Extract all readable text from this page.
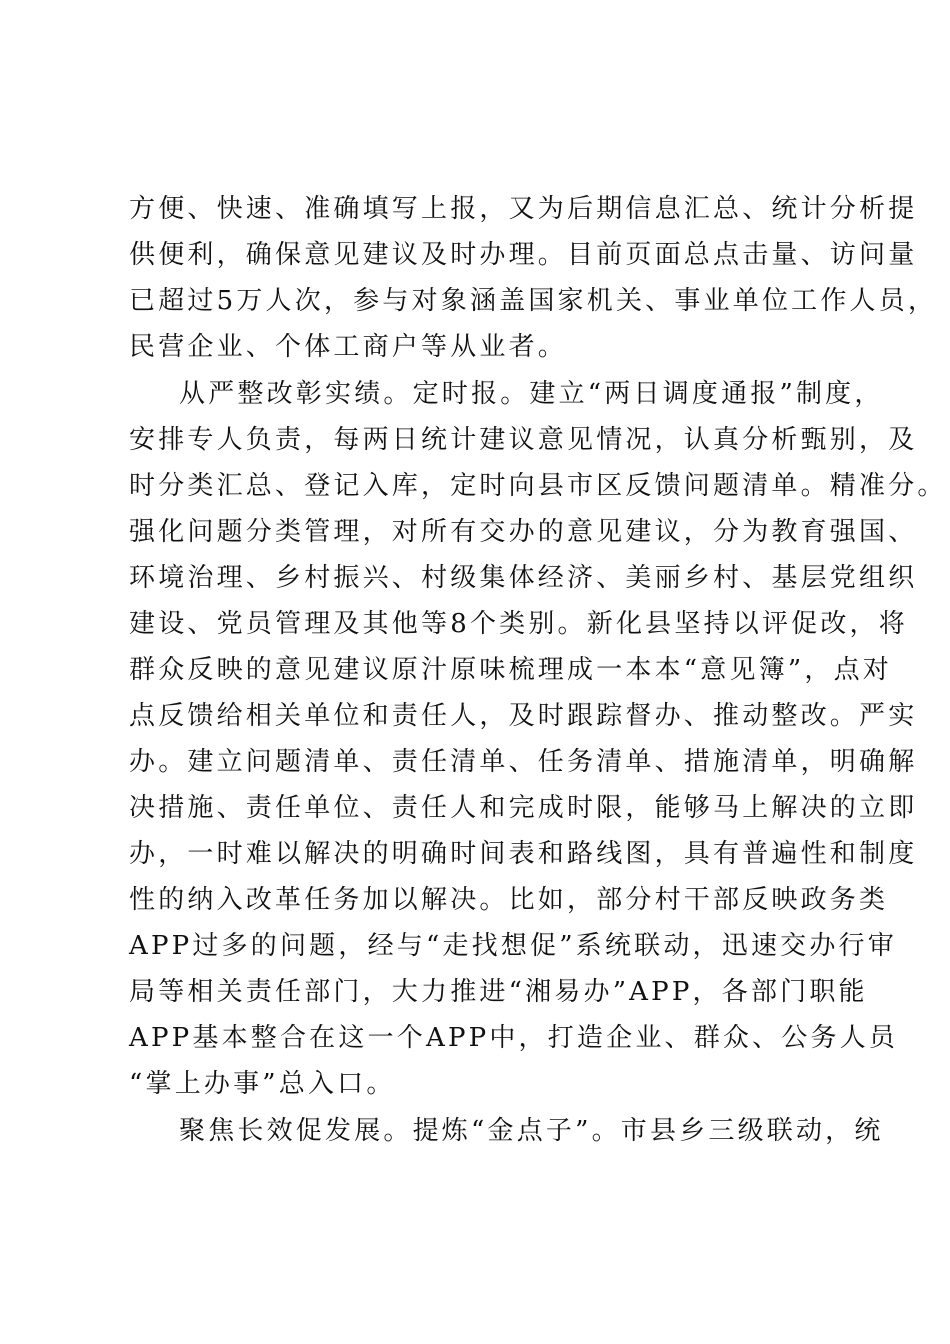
方便、快速、准确填写上报，又为后期信息汇总、统计分析提
供便利，确保意见建议及时办理。目前页面总点击量、访问量
已超过5万人次，参与对象涵盖国家机关、事业单位工作人员，
民营企业、个体工商户等从业者。
从严整改彰实绩。定时报。建立“两日调度通报”制度，
安排专人负责，每两日统计建议意见情况，认真分析甄别，及
时分类汇总、登记入库，定时向县市区反馈问题清单。精准分。
强化问题分类管理，对所有交办的意见建议，分为教育强国、
环境治理、乡村振兴、村级集体经济、美丽乡村、基层党组织
建设、党员管理及其他等8个类别。新化县坚持以评促改，将
群众反映的意见建议原汁原味梳理成一本本“意见簿”，点对
点反馈给相关单位和责任人，及时跟踪督办、推动整改。严实
办。建立问题清单、责任清单、任务清单、措施清单，明确解
决措施、责任单位、责任人和完成时限，能够马上解决的立即
办，一时难以解决的明确时间表和路线图，具有普遍性和制度
性的纳入改革任务加以解决。比如，部分村干部反映政务类
APP过多的问题，经与“走找想促”系统联动，迅速交办行审
局等相关责任部门，大力推进“湘易办”APP，各部门职能
APP基本整合在这一个APP中，打造企业、群众、公务人员
“掌上办事”总入口。
聚焦长效促发展。提炼“金点子”。市县乡三级联动，统
